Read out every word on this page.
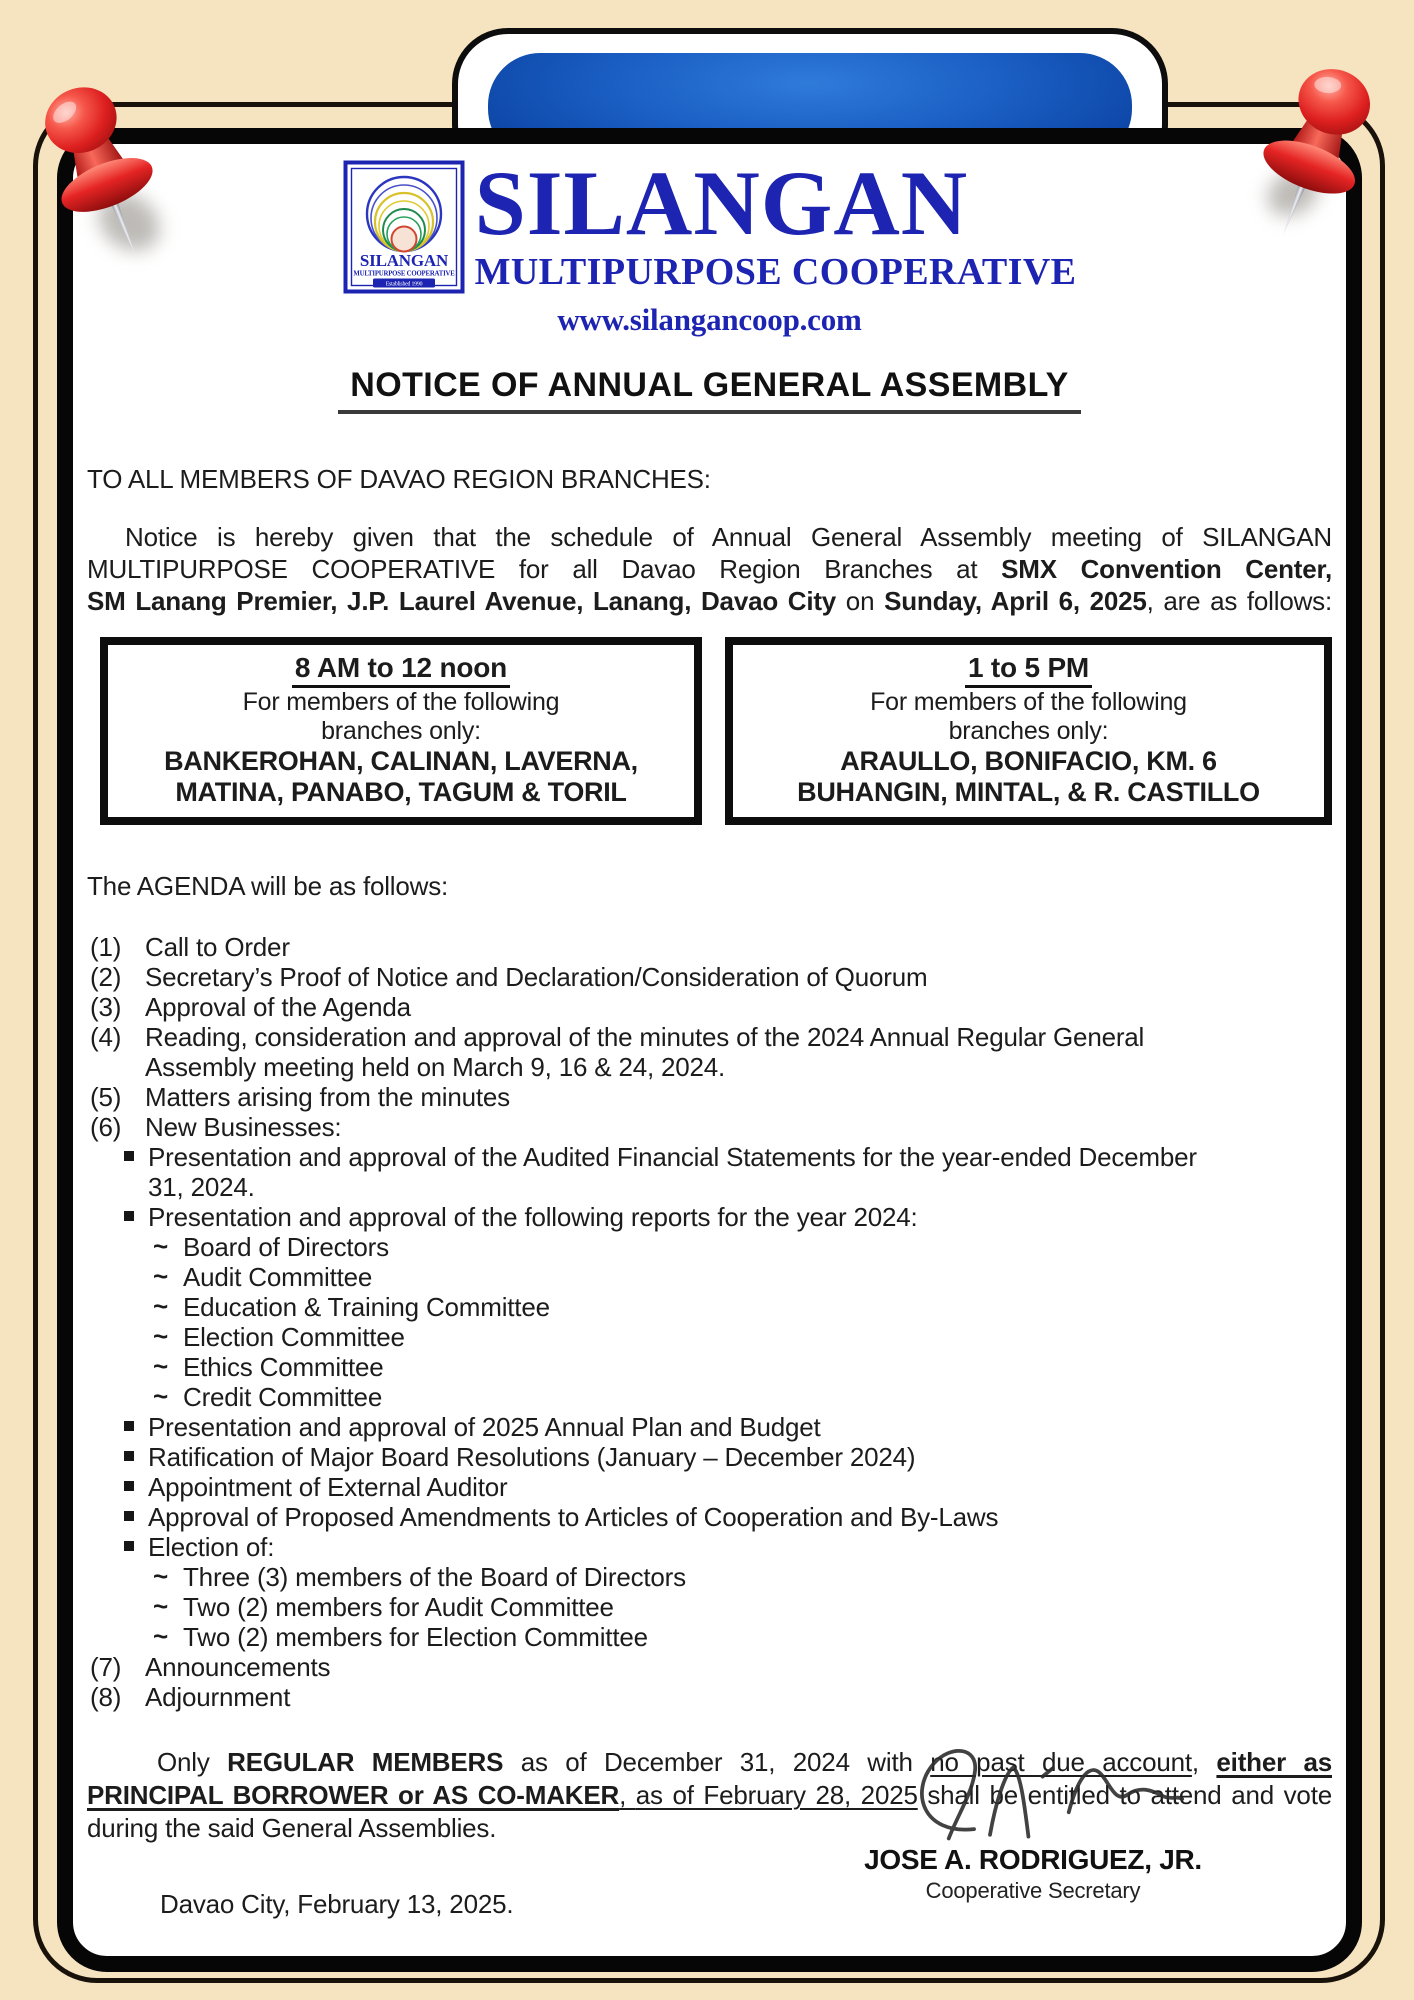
SILANGAN
MULTIPURPOSE COOPERATIVE
Established 1990
SILANGAN
MULTIPURPOSE COOPERATIVE
www.silangancoop.com
NOTICE OF ANNUAL GENERAL ASSEMBLY
TO ALL MEMBERS OF DAVAO REGION BRANCHES:
Notice is hereby given that the schedule of Annual General Assembly meeting of SILANGAN
MULTIPURPOSE COOPERATIVE for all Davao Region Branches at SMX Convention Center,
SM Lanang Premier, J.P. Laurel Avenue, Lanang, Davao City on Sunday, April 6, 2025, are as follows:
8 AM to 12 noon
For members of the following
branches only:
BANKEROHAN, CALINAN, LAVERNA,
MATINA, PANABO, TAGUM & TORIL
1 to 5 PM
For members of the following
branches only:
ARAULLO, BONIFACIO, KM. 6
BUHANGIN, MINTAL, & R. CASTILLO
The AGENDA will be as follows:
(1) Call to Order
(2) Secretary’s Proof of Notice and Declaration/Consideration of Quorum
(3) Approval of the Agenda
(4) Reading, consideration and approval of the minutes of the 2024 Annual Regular General
Assembly meeting held on March 9, 16 & 24, 2024.
(5) Matters arising from the minutes
(6) New Businesses:
Presentation and approval of the Audited Financial Statements for the year-ended December
31, 2024.
Presentation and approval of the following reports for the year 2024:
~ Board of Directors
~ Audit Committee
~ Education & Training Committee
~ Election Committee
~ Ethics Committee
~ Credit Committee
Presentation and approval of 2025 Annual Plan and Budget
Ratification of Major Board Resolutions (January – December 2024)
Appointment of External Auditor
Approval of Proposed Amendments to Articles of Cooperation and By-Laws
Election of:
~ Three (3) members of the Board of Directors
~ Two (2) members for Audit Committee
~ Two (2) members for Election Committee
(7) Announcements
(8) Adjournment
Only REGULAR MEMBERS as of December 31, 2024 with no past due account, either as
PRINCIPAL BORROWER or AS CO-MAKER, as of February 28, 2025 shall be entitled to attend and vote
during the said General Assemblies.
Davao City, February 13, 2025.
JOSE A. RODRIGUEZ, JR.
Cooperative Secretary
